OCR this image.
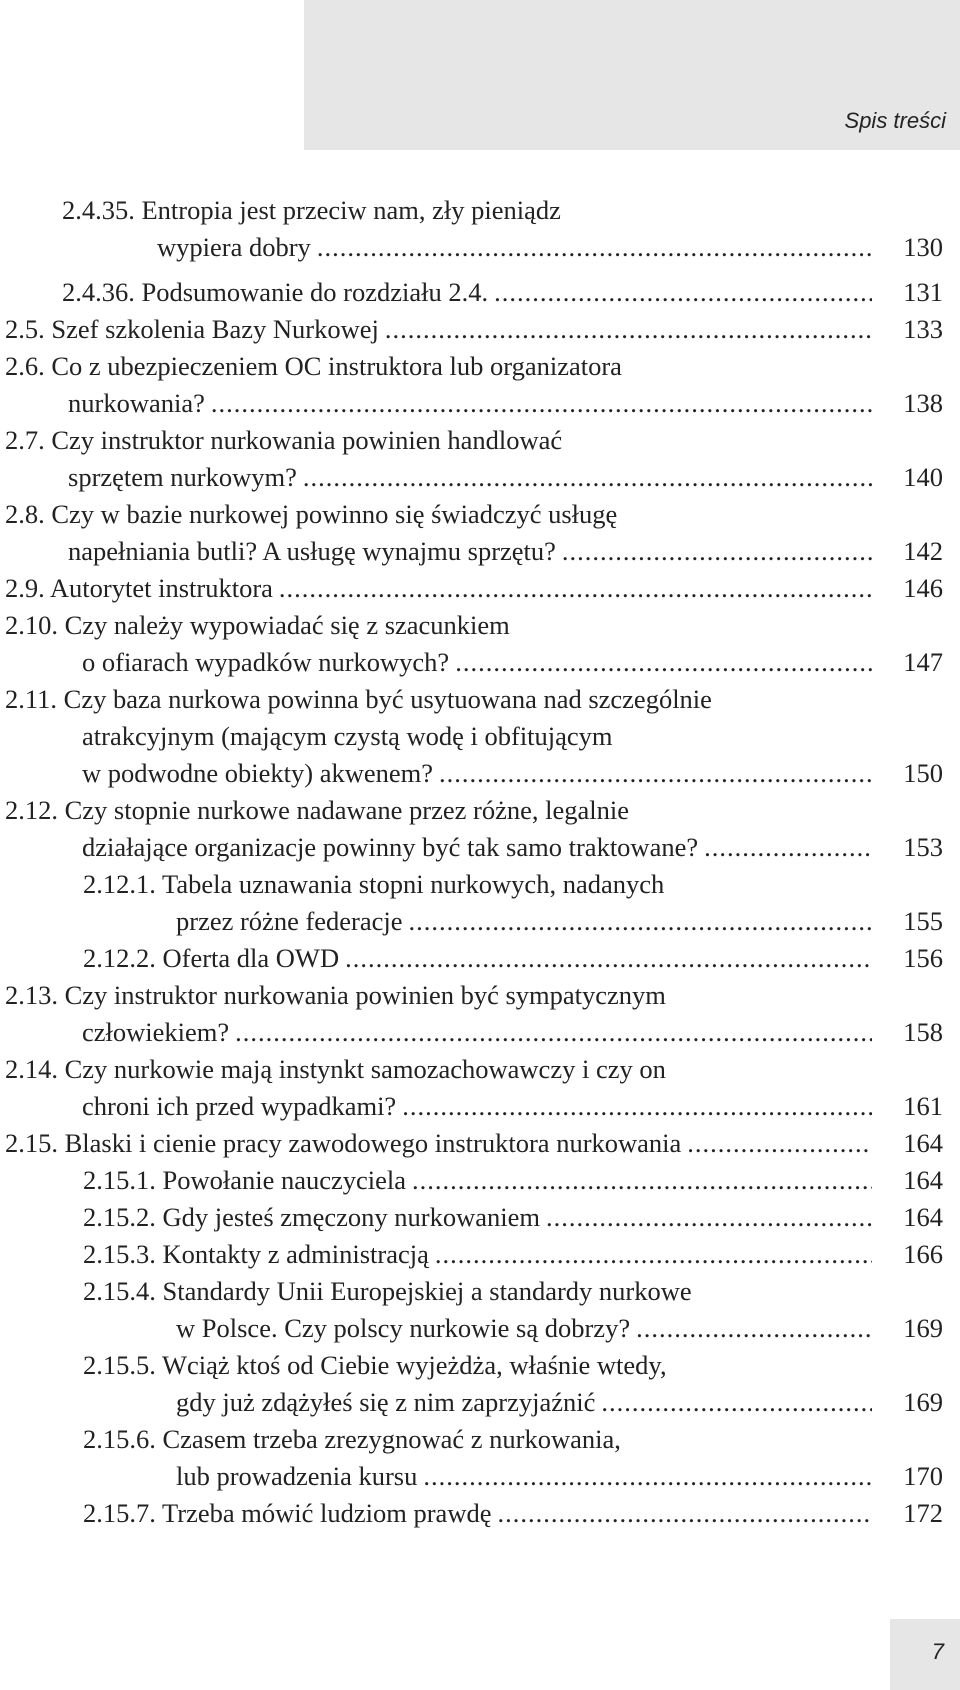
Spis treści
2.4.35. Entropia jest przeciw nam, zły pieniądz
130
wypiera dobry
.....
131
2.4.36. Podsumowanie do rozdziału 2.4.
.....
133
2.5. Szef szkolenia Bazy Nurkowej
.....
2.6. Co z ubezpieczeniem OC instruktora lub organizatora
138
nurkowania?
.....
2.7. Czy instruktor nurkowania powinien handlować
140
sprzętem nurkowym?
.....
2.8. Czy w bazie nurkowej powinno się świadczyć usługę
142
napełniania butli? A usługę wynajmu sprzętu?
.....
146
2.9. Autorytet instruktora
.....
2.10. Czy należy wypowiadać się z szacunkiem
147
o ofiarach wypadków nurkowych?
.....
2.11. Czy baza nurkowa powinna być usytuowana nad szczególnie
atrakcyjnym (mającym czystą wodę i obfitującym
150
w podwodne obiekty) akwenem?
.....
2.12. Czy stopnie nurkowe nadawane przez różne, legalnie
153
działające organizacje powinny być tak samo traktowane?
.....
2.12.1. Tabela uznawania stopni nurkowych, nadanych
155
przez różne federacje
.....
156
2.12.2. Oferta dla OWD
.....
2.13. Czy instruktor nurkowania powinien być sympatycznym
158
człowiekiem?
.....
2.14. Czy nurkowie mają instynkt samozachowawczy i czy on
161
chroni ich przed wypadkami?
.....
164
2.15. Blaski i cienie pracy zawodowego instruktora nurkowania
.....
164
2.15.1. Powołanie nauczyciela
.....
164
2.15.2. Gdy jesteś zmęczony nurkowaniem
.....
166
2.15.3. Kontakty z administracją
.....
2.15.4. Standardy Unii Europejskiej a standardy nurkowe
169
w Polsce. Czy polscy nurkowie są dobrzy?
.....
2.15.5. Wciąż ktoś od Ciebie wyjeżdża, właśnie wtedy,
169
gdy już zdążyłeś się z nim zaprzyjaźnić
.....
2.15.6. Czasem trzeba zrezygnować z nurkowania,
170
lub prowadzenia kursu
.....
172
2.15.7. Trzeba mówić ludziom prawdę
.....
7
